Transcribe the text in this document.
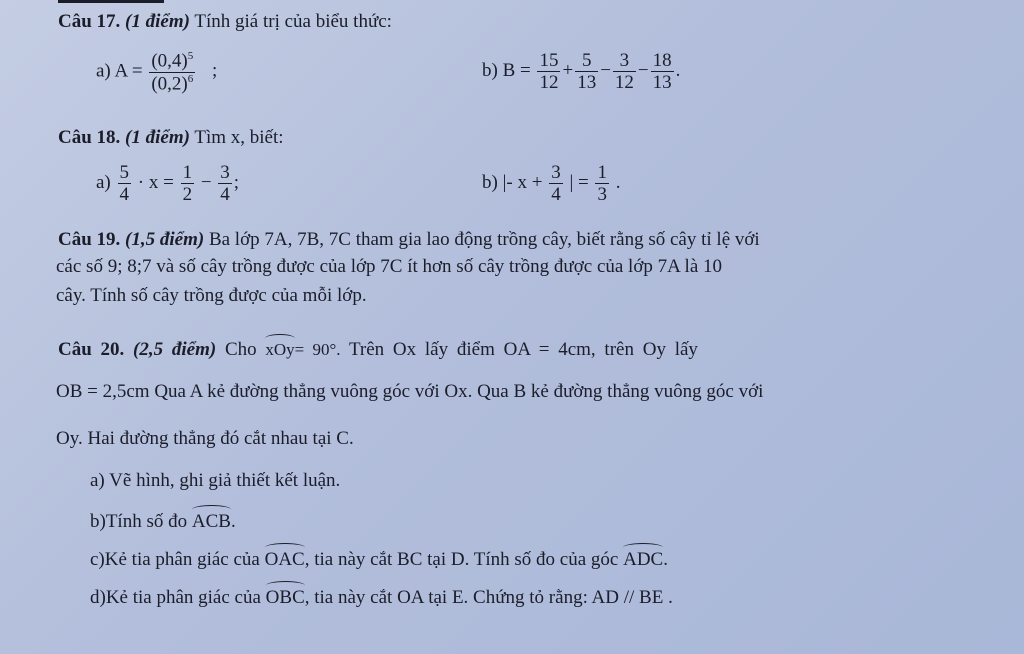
Câu 17. (1 điểm) Tính giá trị của biểu thức:
a) $A = \frac{(0,4)^5}{(0,2)^6}$ ;	b) $B = \frac{15}{12} + \frac{5}{13} - \frac{3}{12} - \frac{18}{13}$ .
Câu 18. (1 điểm) Tìm x, biết:
$a) \frac{5}{4} \cdot x = \frac{1}{2} - \frac{3}{4}$ ;	b) |- $x + \frac{3}{4}$ | = $\frac{1}{3}$ .
Câu 19. (1,5 điểm) Ba lớp 7A, 7B, 7C tham gia lao động trồng cây, biết rằng số cây tỉ lệ với
các số 9; 8;7 và số cây trồng được của lớp 7C ít hơn số cây trồng được của lớp 7A là 10
cây. Tính số cây trồng được của mỗi lớp.
Câu 20. (2,5 điểm) Cho xOy= 90°. Trên Ox lấy điểm OA = 4cm, trên Oy lấy
OB = 2,5cm Qua A kẻ đường thẳng vuông góc với Ox. Qua B kẻ đường thẳng vuông góc với
Oy. Hai đường thẳng đó cắt nhau tại C.
a) Vẽ hình, ghi giả thiết kết luận.
b)Tính số đo ACB.
c)Kẻ tia phân giác của OAC, tia này cắt BC tại D. Tính số đo của góc ADC.
d)Kẻ tia phân giác của OBC, tia này cắt OA tại E. Chứng tỏ rằng: AD // BE .
